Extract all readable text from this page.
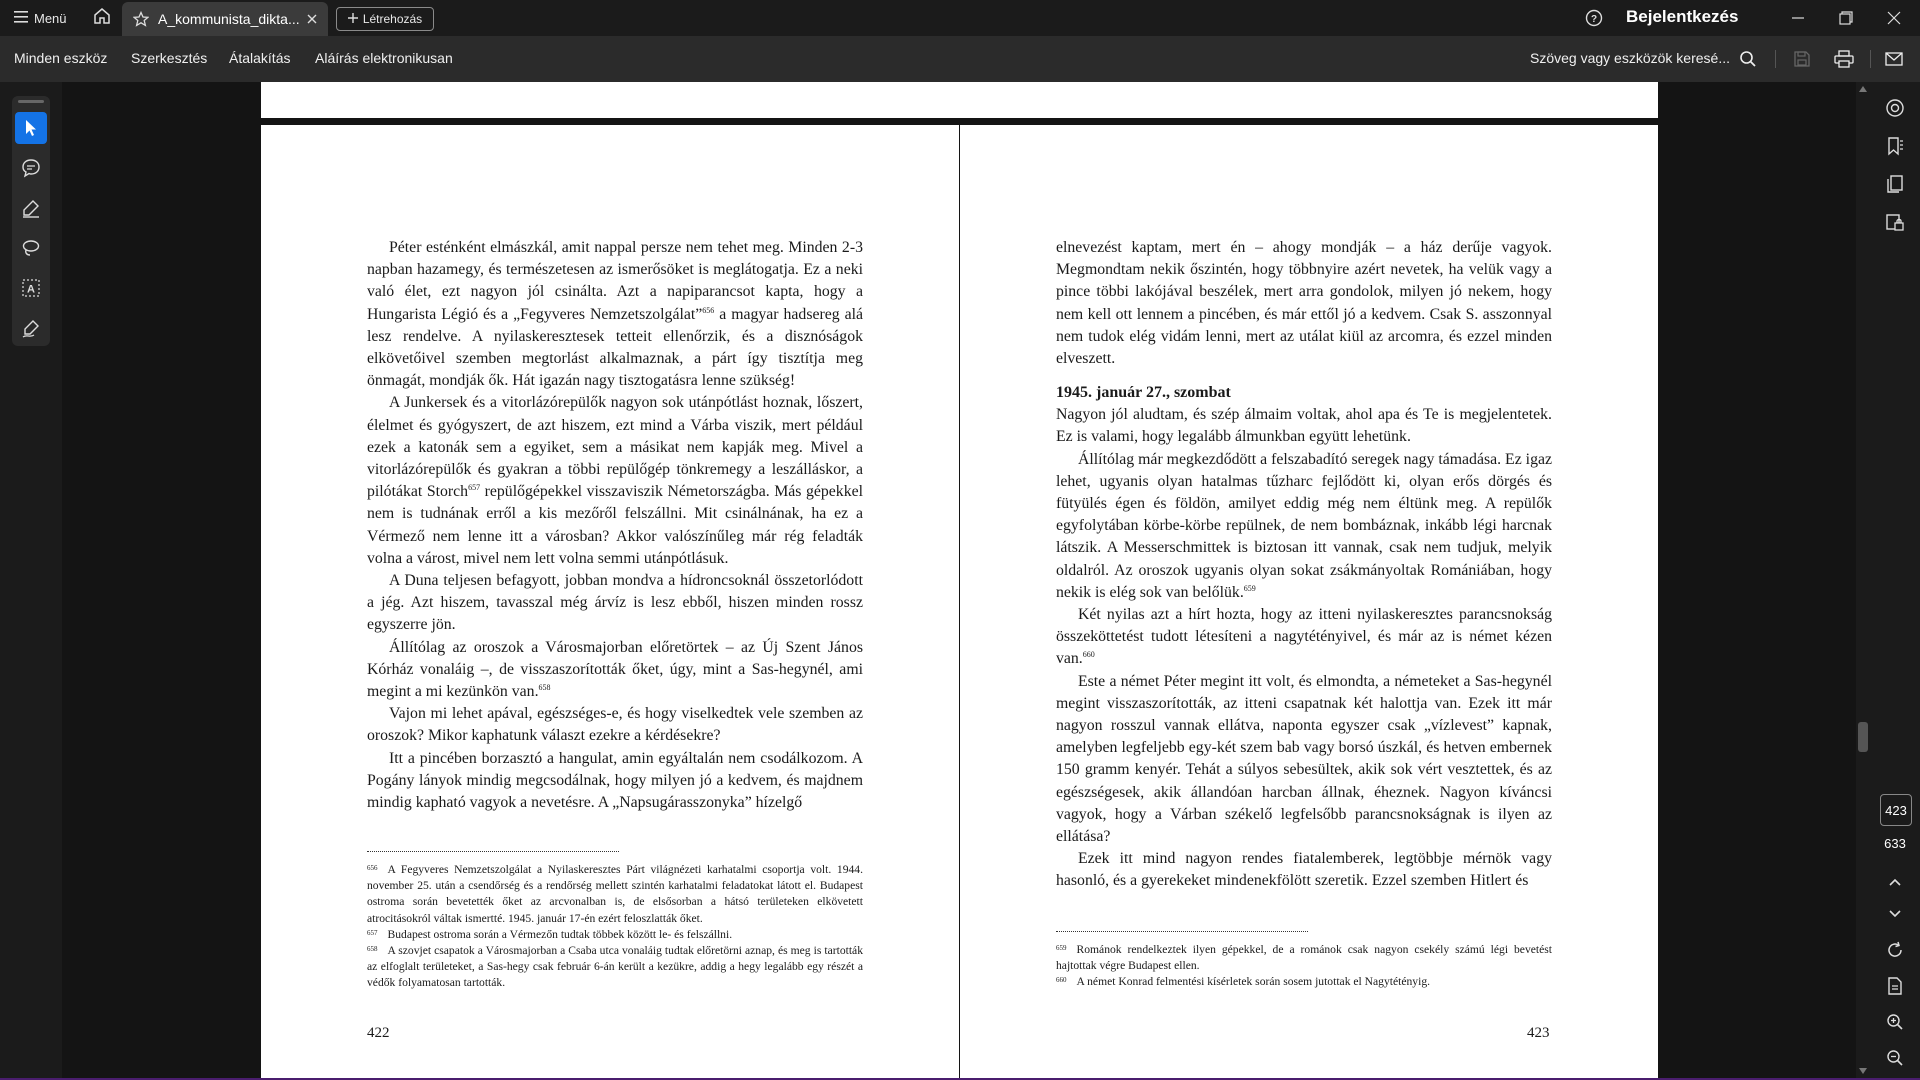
Menü	A_kommunista_dikta...	Létrehozás	? Bejelentkezés
Minden eszköz Szerkesztés Átalakítás Aláírás elektronikusan	Szöveg vagy eszközök keresé...
A

Péter esténként elmászkál, amit nappal persze nem tehet meg. Minden 2-3 napban hazamegy, és természetesen az ismerősöket is meglátogatja. Ez a neki való élet, ezt nagyon jól csinálta. Azt a napiparancsot kapta, hogy a Hungarista Légió és a „Fegyveres Nemzetszolgálat”$^{656}$ a magyar hadsereg alá lesz rendelve. A nyilaskeresztesek tetteit ellenőrzik, és a disznóságok elkövetőivel szemben megtorlást alkalmaznak, a párt így tisztítja meg önmagát, mondják ők. Hát igazán nagy tisztogatásra lenne szükség!

A Junkersek és a vitorlázórepülők nagyon sok utánpótlást hoznak, lőszert, élelmet és gyógyszert, de azt hiszem, ezt mind a Várba viszik, mert például ezek a katonák sem a egyiket, sem a másikat nem kapják meg. Mivel a vitorlázórepülők és gyakran a többi repülőgép tönkremegy a leszálláskor, a pilótákat Storch$^{657}$ repülőgépekkel visszaviszik Németországba. Más gépekkel nem is tudnának erről a kis mezőről felszállni. Mit csinálnának, ha ez a Vérmező nem lenne itt a városban? Akkor valószínűleg már rég feladták volna a várost, mivel nem lett volna semmi utánpótlásuk.

A Duna teljesen befagyott, jobban mondva a hídroncsoknál összetorlódott a jég. Azt hiszem, tavasszal még árvíz is lesz ebből, hiszen minden rossz egyszerre jön.

Állítólag az oroszok a Városmajorban előretörtek – az Új Szent János Kórház vonaláig –, de visszaszorították őket, úgy, mint a Sas-hegynél, ami megint a mi kezünkön van.$^{658}$

Vajon mi lehet apával, egészséges-e, és hogy viselkedtek vele szemben az oroszok? Mikor kaphatunk választ ezekre a kérdésekre?

Itt a pincében borzasztó a hangulat, amin egyáltalán nem csodálkozom. A Pogány lányok mindig megcsodálnak, hogy milyen jó a kedvem, és majdnem mindig kapható vagyok a nevetésre. A „Napsugárasszonyka” hízelgő

$^{656}$ A Fegyveres Nemzetszolgálat a Nyilaskeresztes Párt világnézeti karhatalmi csoportja volt. 1944. november 25. után a csendőrség és a rendőrség mellett szintén karhatalmi feladatokat látott el. Budapest ostroma során bevetették őket az arcvonalban is, de elsősorban a hátsó területeken elkövetett atrocitásokról váltak ismertté. 1945. január 17-én ezért feloszlatták őket.

$^{657}$ Budapest ostroma során a Vérmezőn tudtak többek között le- és felszállni.

$^{658}$ A szovjet csapatok a Városmajorban a Csaba utca vonaláig tudtak előretörni aznap, és meg is tartották az elfoglalt területeket, a Sas-hegy csak február 6-án került a kezükre, addig a hegy legalább egy részét a védők folyamatosan tartották.

422

elnevezést kaptam, mert én – ahogy mondják – a ház derűje vagyok. Megmondtam nekik őszintén, hogy többnyire azért nevetek, ha velük vagy a pince többi lakójával beszélek, mert arra gondolok, milyen jó nekem, hogy nem kell ott lennem a pincében, és már ettől jó a kedvem. Csak S. asszonnyal nem tudok elég vidám lenni, mert az utálat kiül az arcomra, és ezzel minden elveszett.

1945. január 27., szombat

Nagyon jól aludtam, és szép álmaim voltak, ahol apa és Te is megjelentetek. Ez is valami, hogy legalább álmunkban együtt lehetünk.

Állítólag már megkezdődött a felszabadító seregek nagy támadása. Ez igaz lehet, ugyanis olyan hatalmas tűzharc fejlődött ki, olyan erős dörgés és fütyülés égen és földön, amilyet eddig még nem éltünk meg. A repülők egyfolytában körbe-körbe repülnek, de nem bombáznak, inkább légi harcnak látszik. A Messerschmittek is biztosan itt vannak, csak nem tudjuk, melyik oldalról. Az oroszok ugyanis olyan sokat zsákmányoltak Romániában, hogy nekik is elég sok van belőlük.$^{659}$

Két nyilas azt a hírt hozta, hogy az itteni nyilaskeresztes parancsnokság összeköttetést tudott létesíteni a nagytétényivel, és már az is német kézen van.$^{660}$

Este a német Péter megint itt volt, és elmondta, a németeket a Sas-hegynél megint visszaszorították, az itteni csapatnak két halottja van. Ezek itt már nagyon rosszul vannak ellátva, naponta egyszer csak „vízlevest” kapnak, amelyben legfeljebb egy-két szem bab vagy borsó úszkál, és hetven embernek 150 gramm kenyér. Tehát a súlyos sebesültek, akik sok vért vesztettek, és az egészségesek, akik állandóan harcban állnak, éheznek. Nagyon kíváncsi vagyok, hogy a Várban székelő legfelsőbb parancsnokságnak is ilyen az ellátása?

Ezek itt mind nagyon rendes fiatalemberek, legtöbbje mérnök vagy hasonló, és a gyerekeket mindenekfölött szeretik. Ezzel szemben Hitlert és

$^{659}$ Románok rendelkeztek ilyen gépekkel, de a románok csak nagyon csekély számú légi bevetést hajtottak végre Budapest ellen.

$^{660}$ A német Konrad felmentési kísérletek során sosem jutottak el Nagytétényig.

423
423
633
